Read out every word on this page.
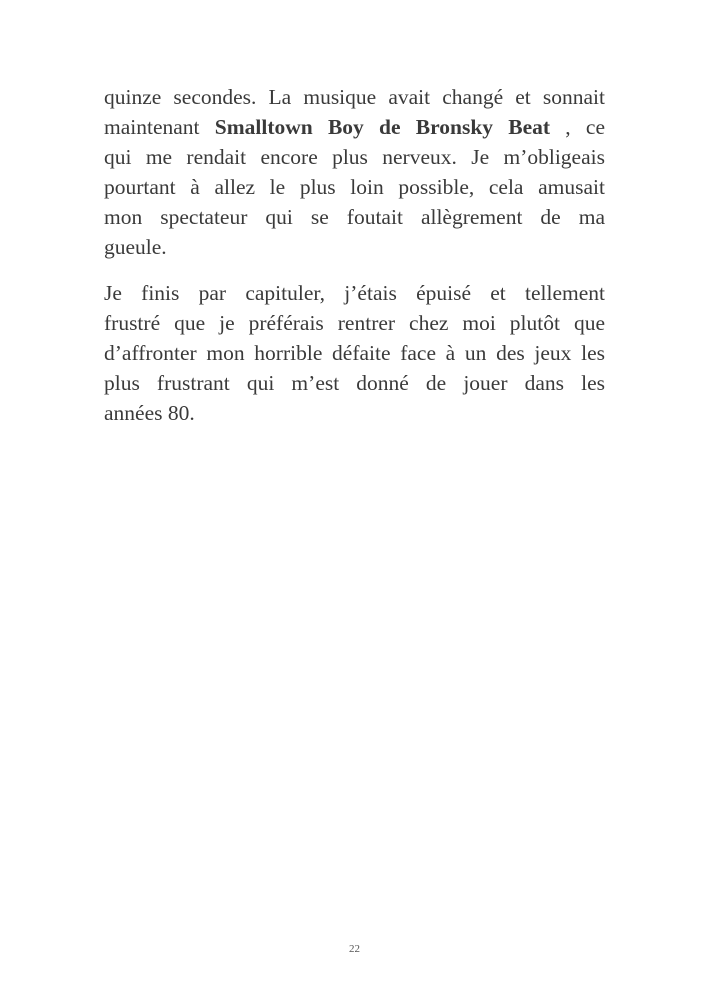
quinze secondes. La musique avait changé et sonnait
maintenant Smalltown Boy de Bronsky Beat , ce
qui me rendait encore plus nerveux. Je m’obligeais
pourtant à allez le plus loin possible, cela amusait
mon spectateur qui se foutait allègrement de ma
gueule.
Je finis par capituler, j’étais épuisé et tellement
frustré que je préférais rentrer chez moi plutôt que
d’affronter mon horrible défaite face à un des jeux les
plus frustrant qui m’est donné de jouer dans les
années 80.
22
